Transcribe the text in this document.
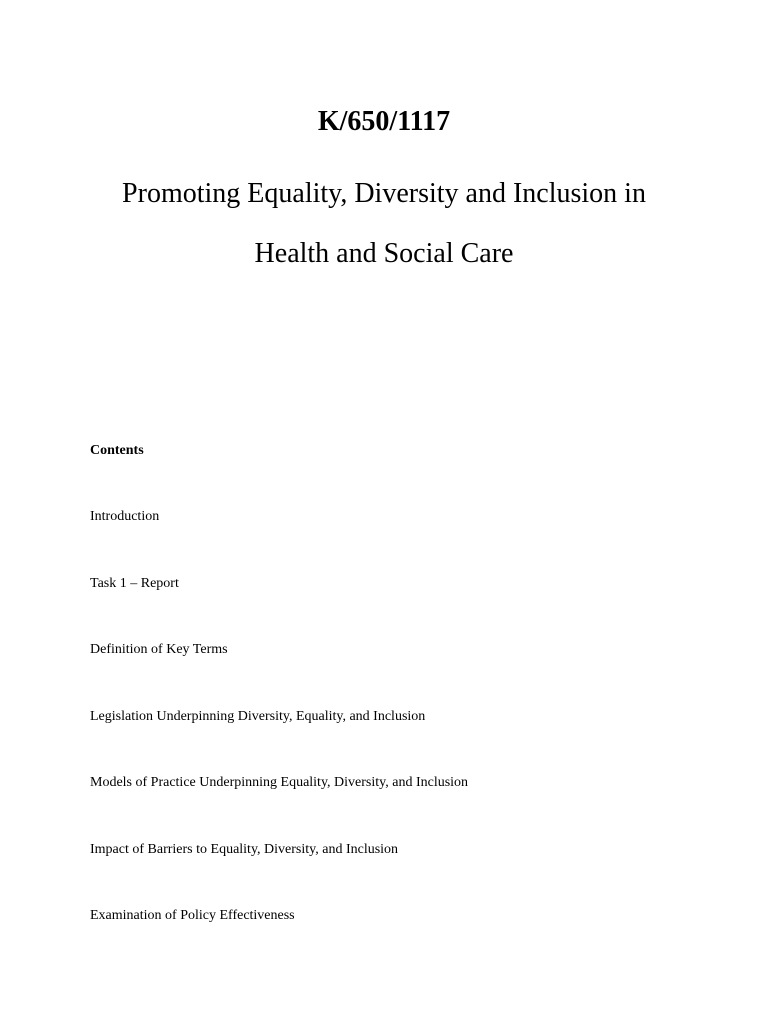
K/650/1117
Promoting Equality, Diversity and Inclusion in
Health and Social Care

Contents

Introduction
Task 1 – Report
Definition of Key Terms
Legislation Underpinning Diversity, Equality, and Inclusion
Models of Practice Underpinning Equality, Diversity, and Inclusion
Impact of Barriers to Equality, Diversity, and Inclusion
Examination of Policy Effectiveness
